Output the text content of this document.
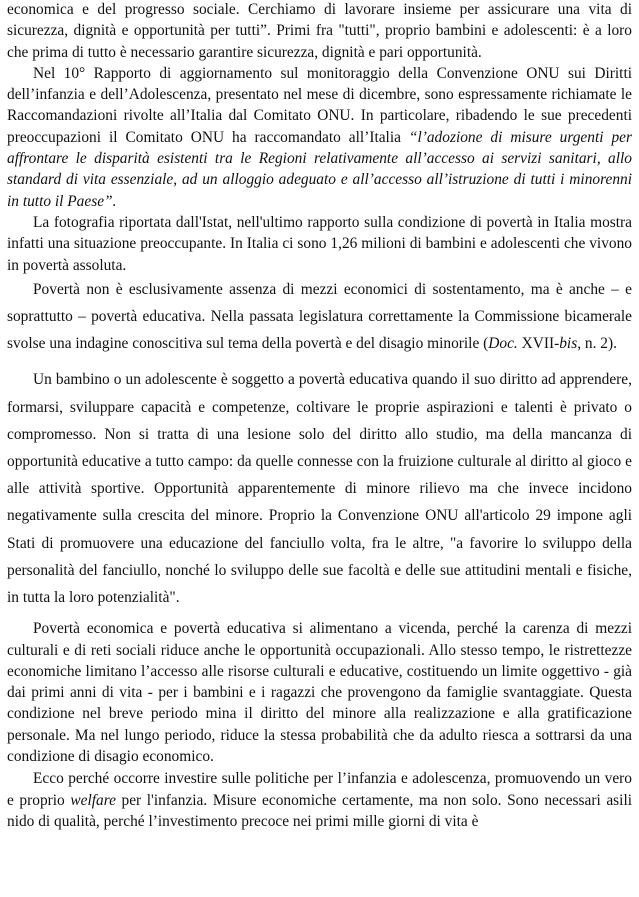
economica e del progresso sociale. Cerchiamo di lavorare insieme per assicurare una vita di sicurezza, dignità e opportunità per tutti”. Primi fra "tutti", proprio bambini e adolescenti: è a loro che prima di tutto è necessario garantire sicurezza, dignità e pari opportunità.

Nel 10° Rapporto di aggiornamento sul monitoraggio della Convenzione ONU sui Diritti dell’infanzia e dell’Adolescenza, presentato nel mese di dicembre, sono espressamente richiamate le Raccomandazioni rivolte all’Italia dal Comitato ONU. In particolare, ribadendo le sue precedenti preoccupazioni il Comitato ONU ha raccomandato all’Italia “l’adozione di misure urgenti per affrontare le disparità esistenti tra le Regioni relativamente all’accesso ai servizi sanitari, allo standard di vita essenziale, ad un alloggio adeguato e all’accesso all’istruzione di tutti i minorenni in tutto il Paese”.

La fotografia riportata dall'Istat, nell'ultimo rapporto sulla condizione di povertà in Italia mostra infatti una situazione preoccupante. In Italia ci sono 1,26 milioni di bambini e adolescenti che vivono in povertà assoluta.

Povertà non è esclusivamente assenza di mezzi economici di sostentamento, ma è anche – e soprattutto – povertà educativa. Nella passata legislatura correttamente la Commissione bicamerale svolse una indagine conoscitiva sul tema della povertà e del disagio minorile (Doc. XVII-bis, n. 2).

Un bambino o un adolescente è soggetto a povertà educativa quando il suo diritto ad apprendere, formarsi, sviluppare capacità e competenze, coltivare le proprie aspirazioni e talenti è privato o compromesso. Non si tratta di una lesione solo del diritto allo studio, ma della mancanza di opportunità educative a tutto campo: da quelle connesse con la fruizione culturale al diritto al gioco e alle attività sportive. Opportunità apparentemente di minore rilievo ma che invece incidono negativamente sulla crescita del minore. Proprio la Convenzione ONU all'articolo 29 impone agli Stati di promuovere una educazione del fanciullo volta, fra le altre, "a favorire lo sviluppo della personalità del fanciullo, nonché lo sviluppo delle sue facoltà e delle sue attitudini mentali e fisiche, in tutta la loro potenzialità".

Povertà economica e povertà educativa si alimentano a vicenda, perché la carenza di mezzi culturali e di reti sociali riduce anche le opportunità occupazionali. Allo stesso tempo, le ristrettezze economiche limitano l’accesso alle risorse culturali e educative, costituendo un limite oggettivo - già dai primi anni di vita - per i bambini e i ragazzi che provengono da famiglie svantaggiate. Questa condizione nel breve periodo mina il diritto del minore alla realizzazione e alla gratificazione personale. Ma nel lungo periodo, riduce la stessa probabilità che da adulto riesca a sottrarsi da una condizione di disagio economico.

Ecco perché occorre investire sulle politiche per l’infanzia e adolescenza, promuovendo un vero e proprio welfare per l'infanzia. Misure economiche certamente, ma non solo. Sono necessari asili nido di qualità, perché l’investimento precoce nei primi mille giorni di vita è
